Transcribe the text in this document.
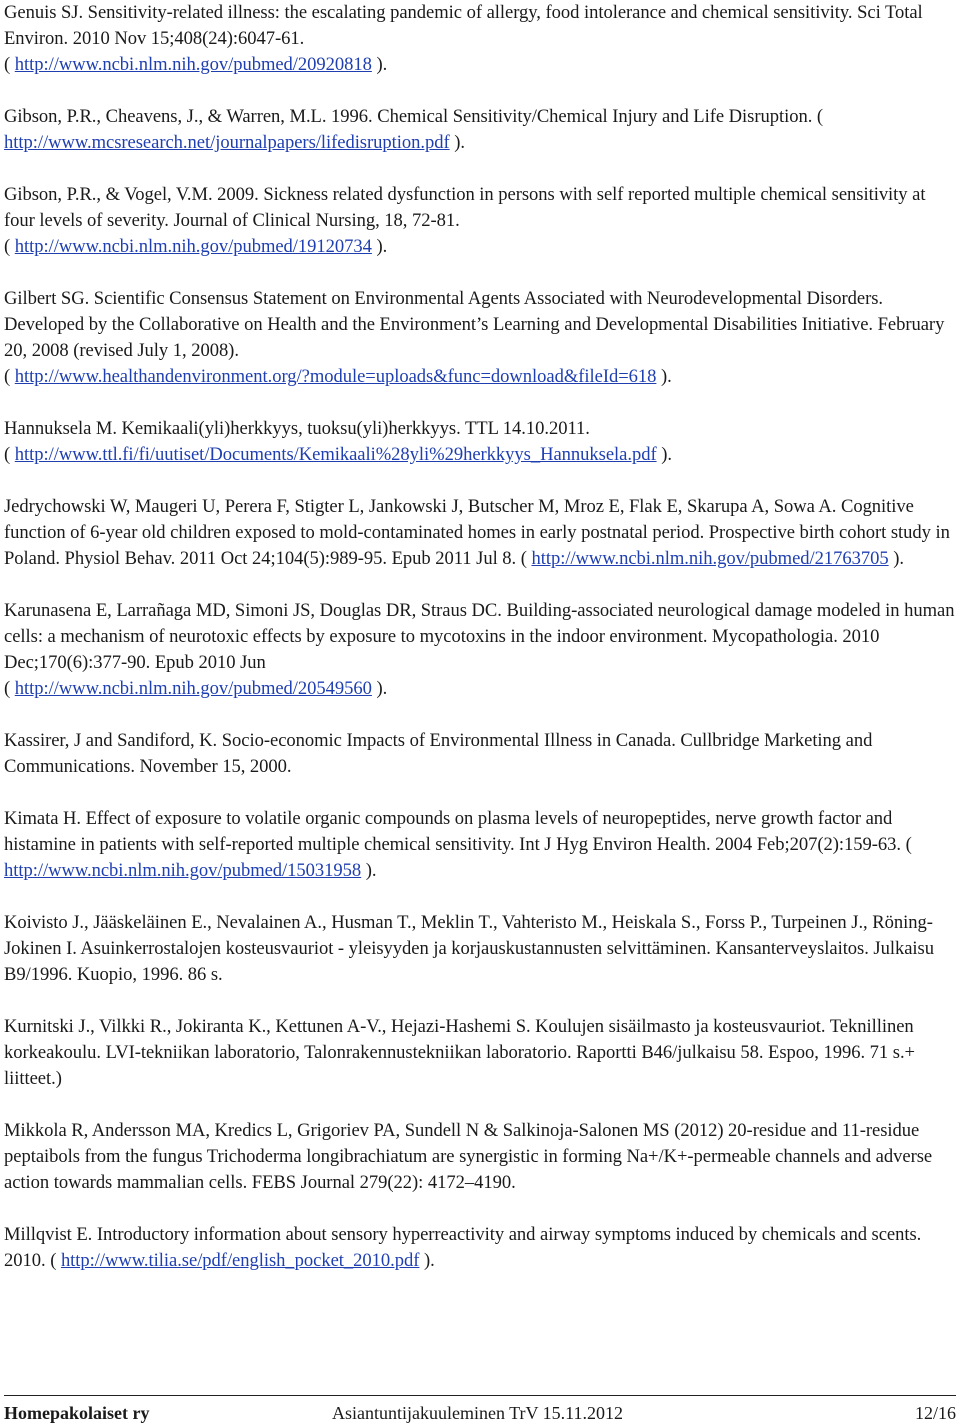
Genuis SJ. Sensitivity-related illness: the escalating pandemic of allergy, food intolerance and chemical sensitivity. Sci Total Environ. 2010 Nov 15;408(24):6047-61.
( http://www.ncbi.nlm.nih.gov/pubmed/20920818 ).

Gibson, P.R., Cheavens, J., & Warren, M.L. 1996. Chemical Sensitivity/Chemical Injury and Life Disruption. ( http://www.mcsresearch.net/journalpapers/lifedisruption.pdf ).

Gibson, P.R., & Vogel, V.M. 2009. Sickness related dysfunction in persons with self reported multiple chemical sensitivity at four levels of severity. Journal of Clinical Nursing, 18, 72-81.
( http://www.ncbi.nlm.nih.gov/pubmed/19120734 ).

Gilbert SG. Scientific Consensus Statement on Environmental Agents Associated with Neurodevelopmental Disorders. Developed by the Collaborative on Health and the Environment’s Learning and Developmental Disabilities Initiative. February 20, 2008 (revised July 1, 2008).
( http://www.healthandenvironment.org/?module=uploads&func=download&fileId=618 ).

Hannuksela M. Kemikaali(yli)herkkyys, tuoksu(yli)herkkyys. TTL 14.10.2011.
( http://www.ttl.fi/fi/uutiset/Documents/Kemikaali%28yli%29herkkyys_Hannuksela.pdf ).

Jedrychowski W, Maugeri U, Perera F, Stigter L, Jankowski J, Butscher M, Mroz E, Flak E, Skarupa A, Sowa A. Cognitive function of 6-year old children exposed to mold-contaminated homes in early postnatal period. Prospective birth cohort study in Poland. Physiol Behav. 2011 Oct 24;104(5):989-95. Epub 2011 Jul 8. ( http://www.ncbi.nlm.nih.gov/pubmed/21763705 ).

Karunasena E, Larrañaga MD, Simoni JS, Douglas DR, Straus DC. Building-associated neurological damage modeled in human cells: a mechanism of neurotoxic effects by exposure to mycotoxins in the indoor environment. Mycopathologia. 2010 Dec;170(6):377-90. Epub 2010 Jun
( http://www.ncbi.nlm.nih.gov/pubmed/20549560 ).

Kassirer, J and Sandiford, K. Socio-economic Impacts of Environmental Illness in Canada. Cullbridge Marketing and Communications. November 15, 2000.

Kimata H. Effect of exposure to volatile organic compounds on plasma levels of neuropeptides, nerve growth factor and histamine in patients with self-reported multiple chemical sensitivity. Int J Hyg Environ Health. 2004 Feb;207(2):159-63. ( http://www.ncbi.nlm.nih.gov/pubmed/15031958 ).

Koivisto J., Jääskeläinen E., Nevalainen A., Husman T., Meklin T., Vahteristo M., Heiskala S., Forss P., Turpeinen J., Röning-Jokinen I. Asuinkerrostalojen kosteusvauriot - yleisyyden ja korjauskustannusten selvittäminen. Kansanterveyslaitos. Julkaisu B9/1996. Kuopio, 1996. 86 s.

Kurnitski J., Vilkki R., Jokiranta K., Kettunen A-V., Hejazi-Hashemi S. Koulujen sisäilmasto ja kosteusvauriot. Teknillinen korkeakoulu. LVI-tekniikan laboratorio, Talonrakennustekniikan laboratorio. Raportti B46/julkaisu 58. Espoo, 1996. 71 s.+ liitteet.)

Mikkola R, Andersson MA, Kredics L, Grigoriev PA, Sundell N & Salkinoja-Salonen MS (2012) 20-residue and 11-residue peptaibols from the fungus Trichoderma longibrachiatum are synergistic in forming Na+/K+-permeable channels and adverse action towards mammalian cells. FEBS Journal 279(22): 4172–4190.

Millqvist E. Introductory information about sensory hyperreactivity and airway symptoms induced by chemicals and scents. 2010. ( http://www.tilia.se/pdf/english_pocket_2010.pdf ).

Homepakolaiset ry	Asiantuntijakuuleminen TrV 15.11.2012	12/16
